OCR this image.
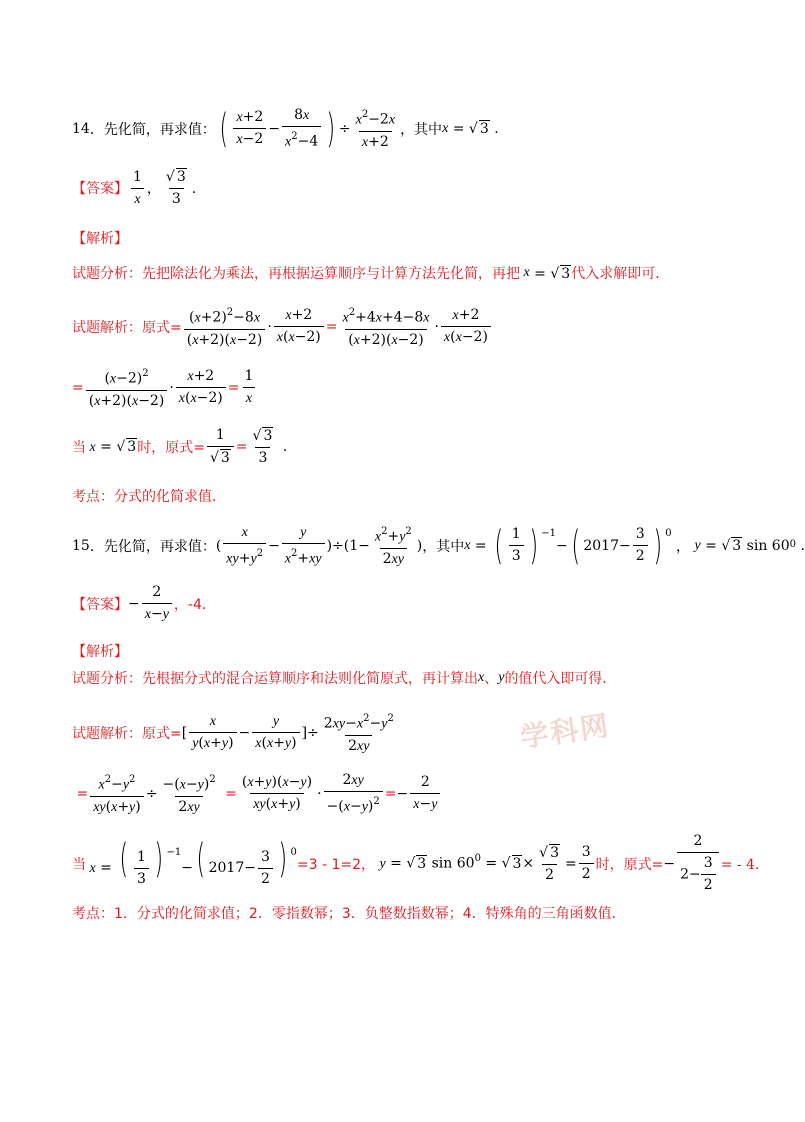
学科网
14 ．先化简，再求值： ( $\frac{x+2}{x-2} - \frac{8x}{x^2-4}$ ) ÷ $\frac{x^2-2x}{x+2}$ ，其中 x = √ 3 .
【答案】 $\frac{1}{x}$ ， $\frac{√ 3}{3}$ ．
【解析】
试题分析：先把除法化为乘法，再根据运算顺序与计算方法先化简，再把 x = √ 3 代入求解即可．
试题解析：原式= $\frac{(x+2)^2-8x}{(x+2)(x-2)} \cdot \frac{x+2}{x(x-2)} = \frac{x^2+4x+4-8x}{(x+2)(x-2)} \cdot \frac{x+2}{x(x-2)}$
= $\frac{(x-2)^2}{(x+2)(x-2)} \cdot \frac{x+2}{x(x-2)} = \frac{1}{x}$
当 x = √ 3 时，原式= $\frac{1}{√ 3} = \frac{√ 3}{3}$ .
考点：分式的化简求值．
15 ．先化简，再求值： ( $\frac{x}{xy+y^2} - \frac{y}{x^2+xy} )\div(1- \frac{x^2+y^2}{2xy}$ ) ，其中 x = ( $\frac{1}{3}$ ) −1
− ( $2017- \frac{3}{2}$ ) 0
， y = √ 3 sin 60 0 .
【答案】 − $\frac{2}{x-y}$ ，-4．
【解析】
试题分析：先根据分式的混合运算顺序和法则化简原式，再计算出 x 、 y 的值代入即可得．
试题解析：原式= [ $\frac{x}{y(x+y)} - \frac{y}{x(x+y)}$ ]÷ $\frac{2xy-x^2-y^2}{2xy}$
= $\frac{x^2-y^2}{xy(x+y)} \div \frac{-(x-y)^2}{2xy} = \frac{(x+y)(x-y)}{xy(x+y)} \cdot \frac{2xy}{-(x-y)^2}$ = − $\frac{2}{x-y}$
当 x = ( $\frac{1}{3}$ ) $^{-1}$−( $2017- \frac{3}{2}$ ) $^0$
=3 - 1=2， y = √ 3 $\sin 60^0$ = √ $3\times \frac{√ 3}{2} = \frac{3}{2}$ 时，原式= − $\frac{2}{2- \frac{3}{2}}$ = - 4．
考点：1．分式的化简求值；2．零指数幂；3．负整数指数幂；4．特殊角的三角函数值．
